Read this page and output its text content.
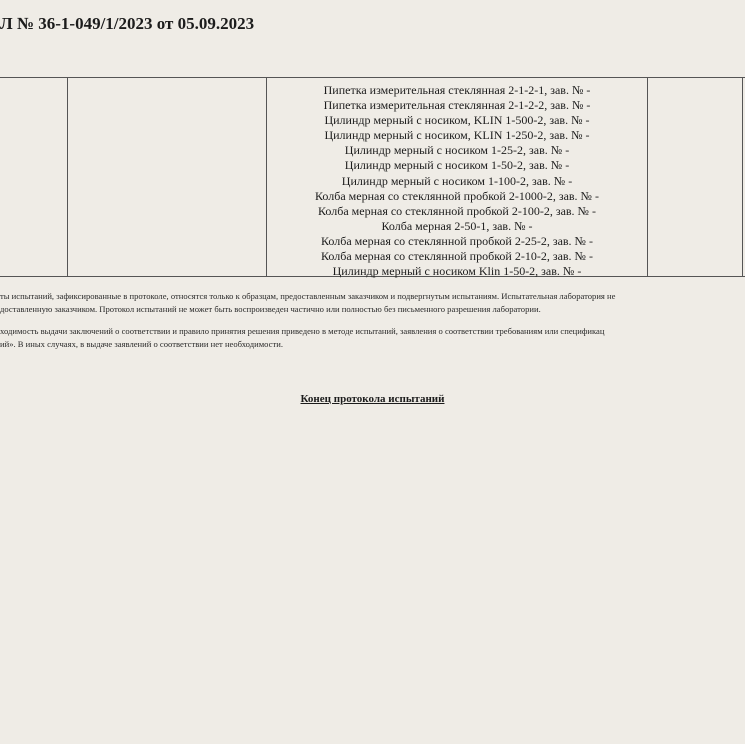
Л № 36-1-049/1/2023 от 05.09.2023
Пипетка измерительная стеклянная 2-1-2-1, зав. № -
Пипетка измерительная стеклянная 2-1-2-2, зав. № -
Цилиндр мерный с носиком, KLIN 1-500-2, зав. № -
Цилиндр мерный с носиком, KLIN 1-250-2, зав. № -
Цилиндр мерный с носиком 1-25-2, зав. № -
Цилиндр мерный с носиком 1-50-2, зав. № -
Цилиндр мерный с носиком 1-100-2, зав. № -
Колба мерная со стеклянной пробкой 2-1000-2, зав. № -
Колба мерная со стеклянной пробкой 2-100-2, зав. № -
Колба мерная 2-50-1, зав. № -
Колба мерная со стеклянной пробкой 2-25-2, зав. № -
Колба мерная со стеклянной пробкой 2-10-2, зав. № -
Цилиндр мерный с носиком Klin 1-50-2, зав. № -
ты испытаний, зафиксированные в протоколе, относятся только к образцам, предоставленным заказчиком и подвергнутым испытаниям. Испытательная лаборатория не
доставленную заказчиком. Протокол испытаний не может быть воспроизведен частично или полностью без письменного разрешения лаборатории.
ходимость выдачи заключений о соответствии и правило принятия решения приведено в методе испытаний, заявления о соответствии требованиям или спецификац
ий». В иных случаях, в выдаче заявлений о соответствии нет необходимости.
Конец протокола испытаний
